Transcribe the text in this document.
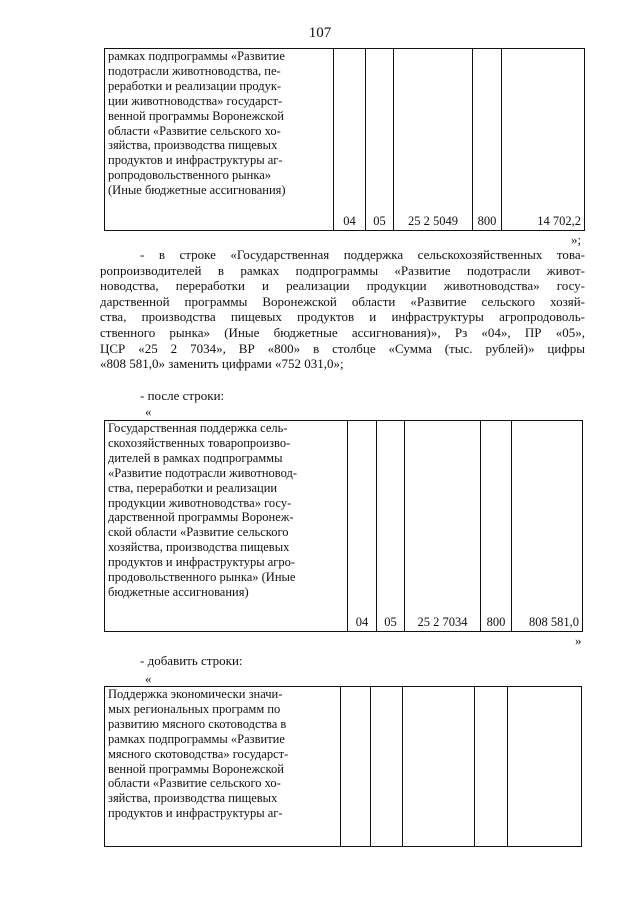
107
рамках подпрограммы «Развитие
подотрасли животноводства, пе-
реработки и реализации продук-
ции животноводства» государст-
венной программы Воронежской
области «Развитие сельского хо-
зяйства, производства пищевых
продуктов и инфраструктуры аг-
ропродовольственного рынка»
(Иные бюджетные ассигнования)
	04	05	25 2 5049	800	14 702,2
»;
- в строке «Государственная поддержка сельскохозяйственных това-
ропроизводителей в рамках подпрограммы «Развитие подотрасли живот-
новодства, переработки и реализации продукции животноводства» госу-
дарственной программы Воронежской области «Развитие сельского хозяй-
ства, производства пищевых продуктов и инфраструктуры агропродоволь-
ственного рынка» (Иные бюджетные ассигнования)», Рз «04», ПР «05»,
ЦСР «25 2 7034», ВР «800» в столбце «Сумма (тыс. рублей)» цифры
«808 581,0» заменить цифрами «752 031,0»;
- после строки:
«
Государственная поддержка сель-
скохозяйственных товаропроизво-
дителей в рамках подпрограммы
«Развитие подотрасли животновод-
ства, переработки и реализации
продукции животноводства» госу-
дарственной программы Воронеж-
ской области «Развитие сельского
хозяйства, производства пищевых
продуктов и инфраструктуры агро-
продовольственного рынка» (Иные
бюджетные ассигнования)
	04	05	25 2 7034	800	808 581,0
»
- добавить строки:
«
Поддержка экономически значи-
мых региональных программ по
развитию мясного скотоводства в
рамках подпрограммы «Развитие
мясного скотоводства» государст-
венной программы Воронежской
области «Развитие сельского хо-
зяйства, производства пищевых
продуктов и инфраструктуры аг-
